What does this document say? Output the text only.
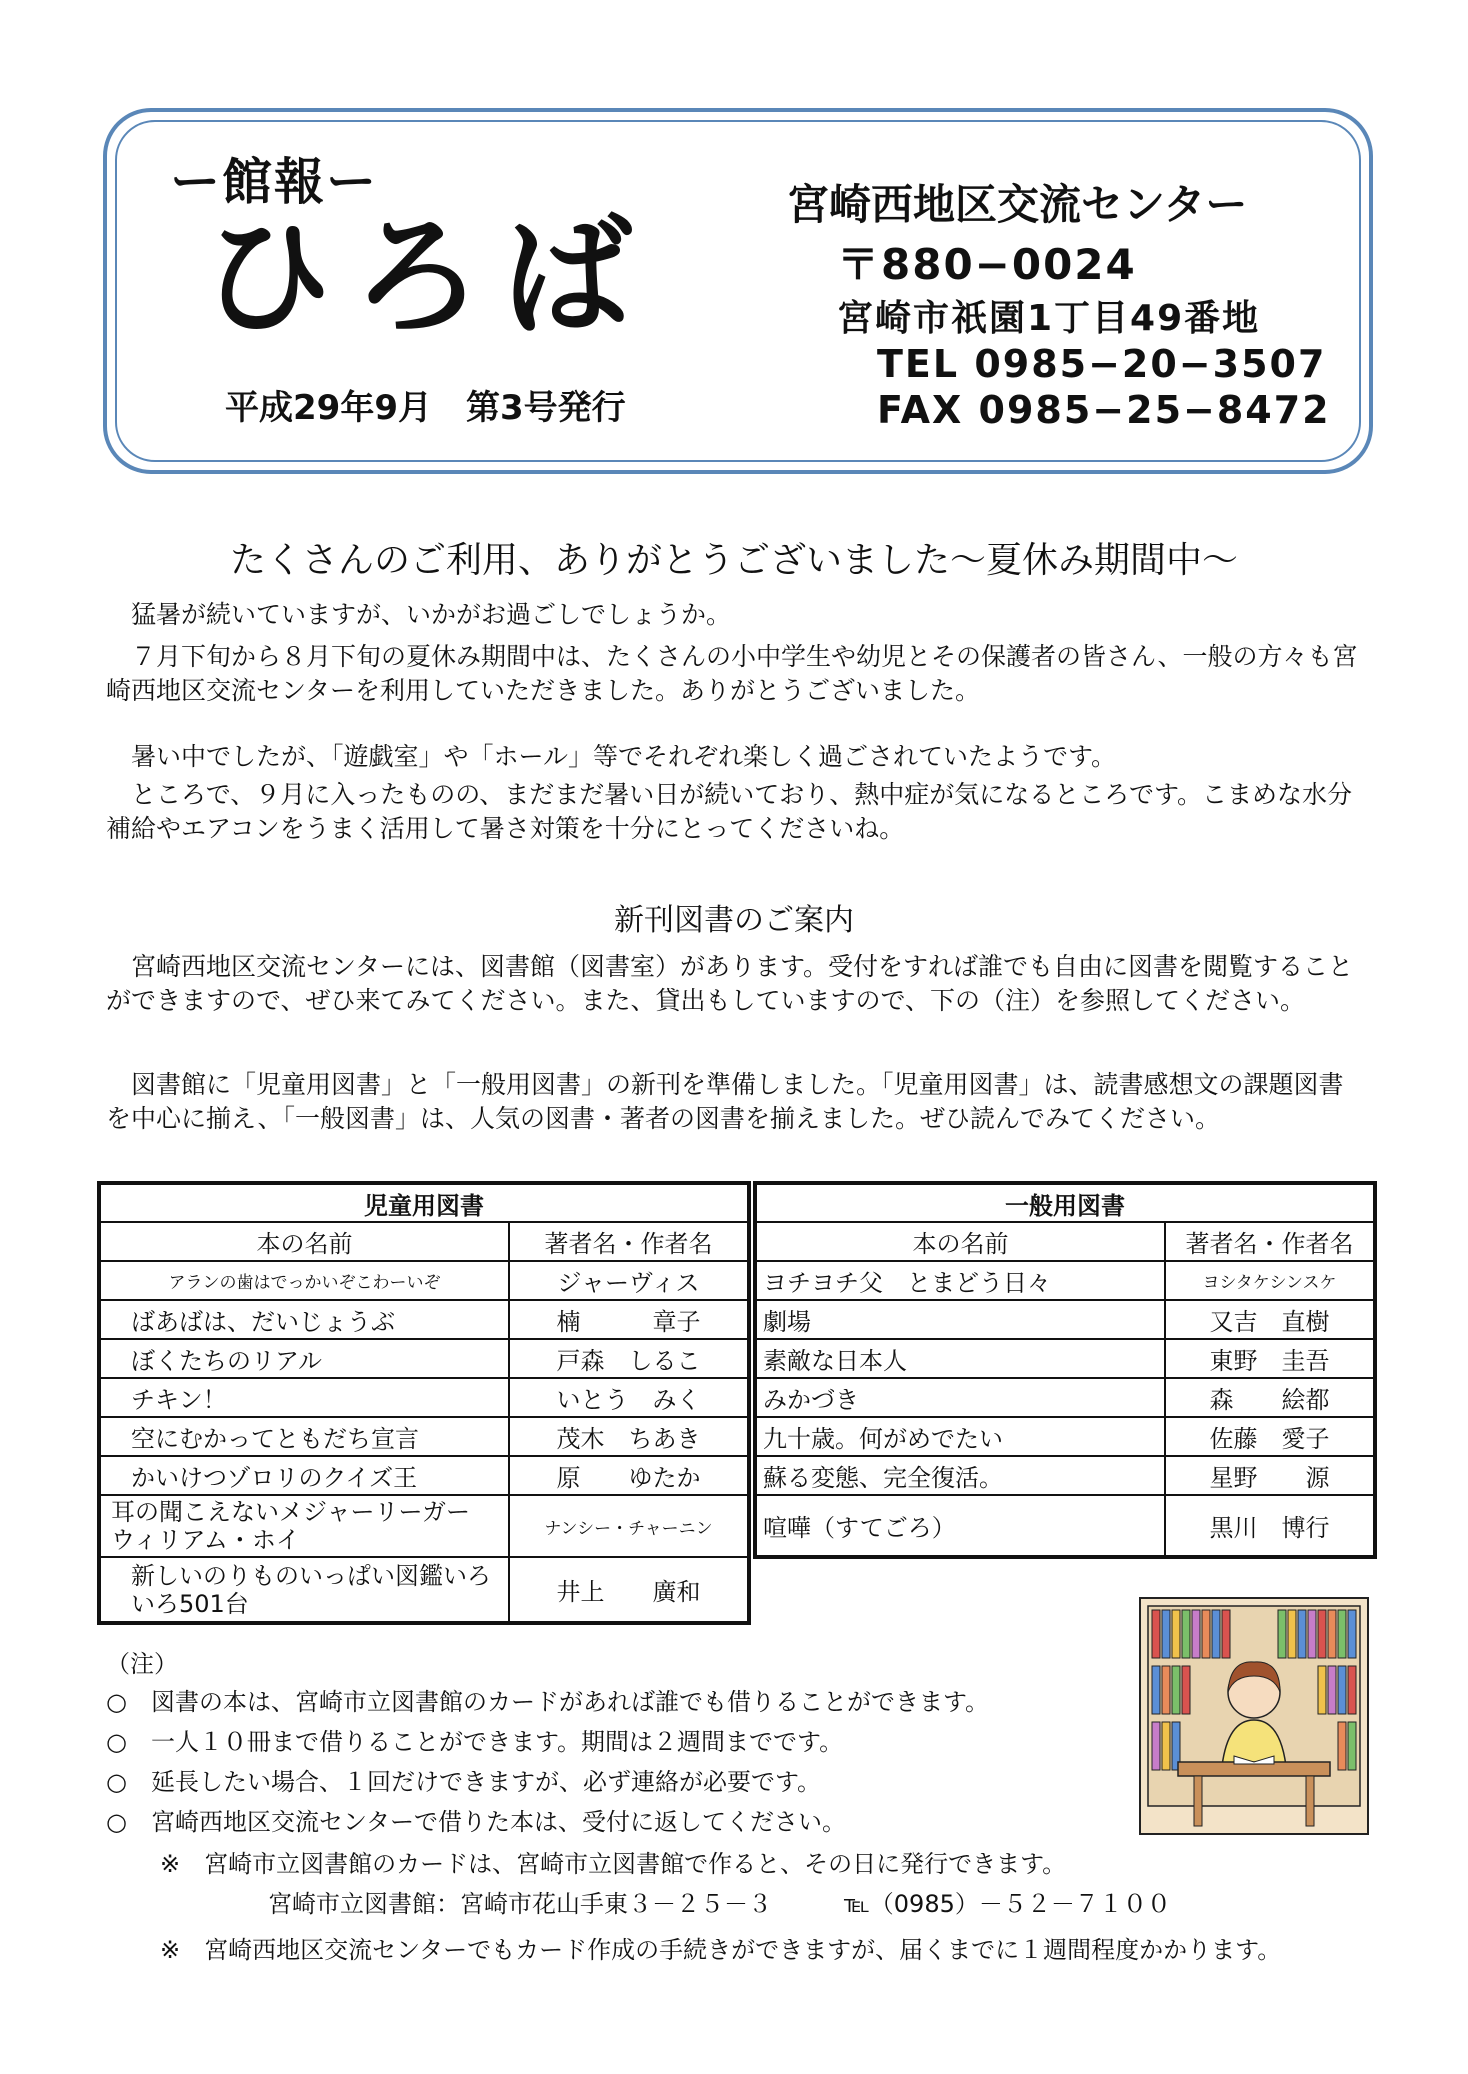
ー館報ー
ひろば
平成29年9月　第3号発行
宮崎西地区交流センター
〒880−0024
宮崎市祇園1丁目49番地
TEL 0985−20−3507
FAX 0985−25−8472
たくさんのご利用、ありがとうございました～夏休み期間中～
　猛暑が続いていますが、いかがお過ごしでしょうか。
　７月下旬から８月下旬の夏休み期間中は、たくさんの小中学生や幼児とその保護者の皆さん、一般の方々も宮崎西地区交流センターを利用していただきました。ありがとうございました。
　暑い中でしたが、「遊戯室」や「ホール」等でそれぞれ楽しく過ごされていたようです。
　ところで、９月に入ったものの、まだまだ暑い日が続いており、熱中症が気になるところです。こまめな水分補給やエアコンをうまく活用して暑さ対策を十分にとってくださいね。
新刊図書のご案内
　宮崎西地区交流センターには、図書館（図書室）があります。受付をすれば誰でも自由に図書を閲覧することができますので、ぜひ来てみてください。また、貸出もしていますので、下の（注）を参照してください。
　図書館に「児童用図書」と「一般用図書」の新刊を準備しました。「児童用図書」は、読書感想文の課題図書を中心に揃え、「一般図書」は、人気の図書・著者の図書を揃えました。ぜひ読んでみてください。
児童用図書	
本の名前	著者名・作者名
アランの歯はでっかいぞこわーいぞ	ジャーヴィス
ばあばは、だいじょうぶ	楠　　　章子
ぼくたちのリアル	戸森　しるこ
チキン！	いとう　みく
空にむかってともだち宣言	茂木　ちあき
かいけつゾロリのクイズ王	原　　ゆたか
耳の聞こえないメジャーリーガー　ウィリアム・ホイ	ナンシー・チャーニン
新しいのりものいっぱい図鑑いろいろ501台	井上　　廣和
一般用図書	
本の名前	著者名・作者名
ヨチヨチ父　とまどう日々	ヨシタケシンスケ
劇場	又吉　直樹
素敵な日本人	東野　圭吾
みかづき	森　　絵都
九十歳。何がめでたい	佐藤　愛子
蘇る変態、完全復活。	星野　　源
喧嘩（すてごろ）	黒川　博行
（注）
○　図書の本は、宮崎市立図書館のカードがあれば誰でも借りることができます。
○　一人１０冊まで借りることができます。期間は２週間までです。
○　延長したい場合、１回だけできますが、必ず連絡が必要です。
○　宮崎西地区交流センターで借りた本は、受付に返してください。
※　宮崎市立図書館のカードは、宮崎市立図書館で作ると、その日に発行できます。
宮崎市立図書館：宮崎市花山手東３－２５－３　　　℡（0985）－５２－７１００
※　宮崎西地区交流センターでもカード作成の手続きができますが、届くまでに１週間程度かかります。
